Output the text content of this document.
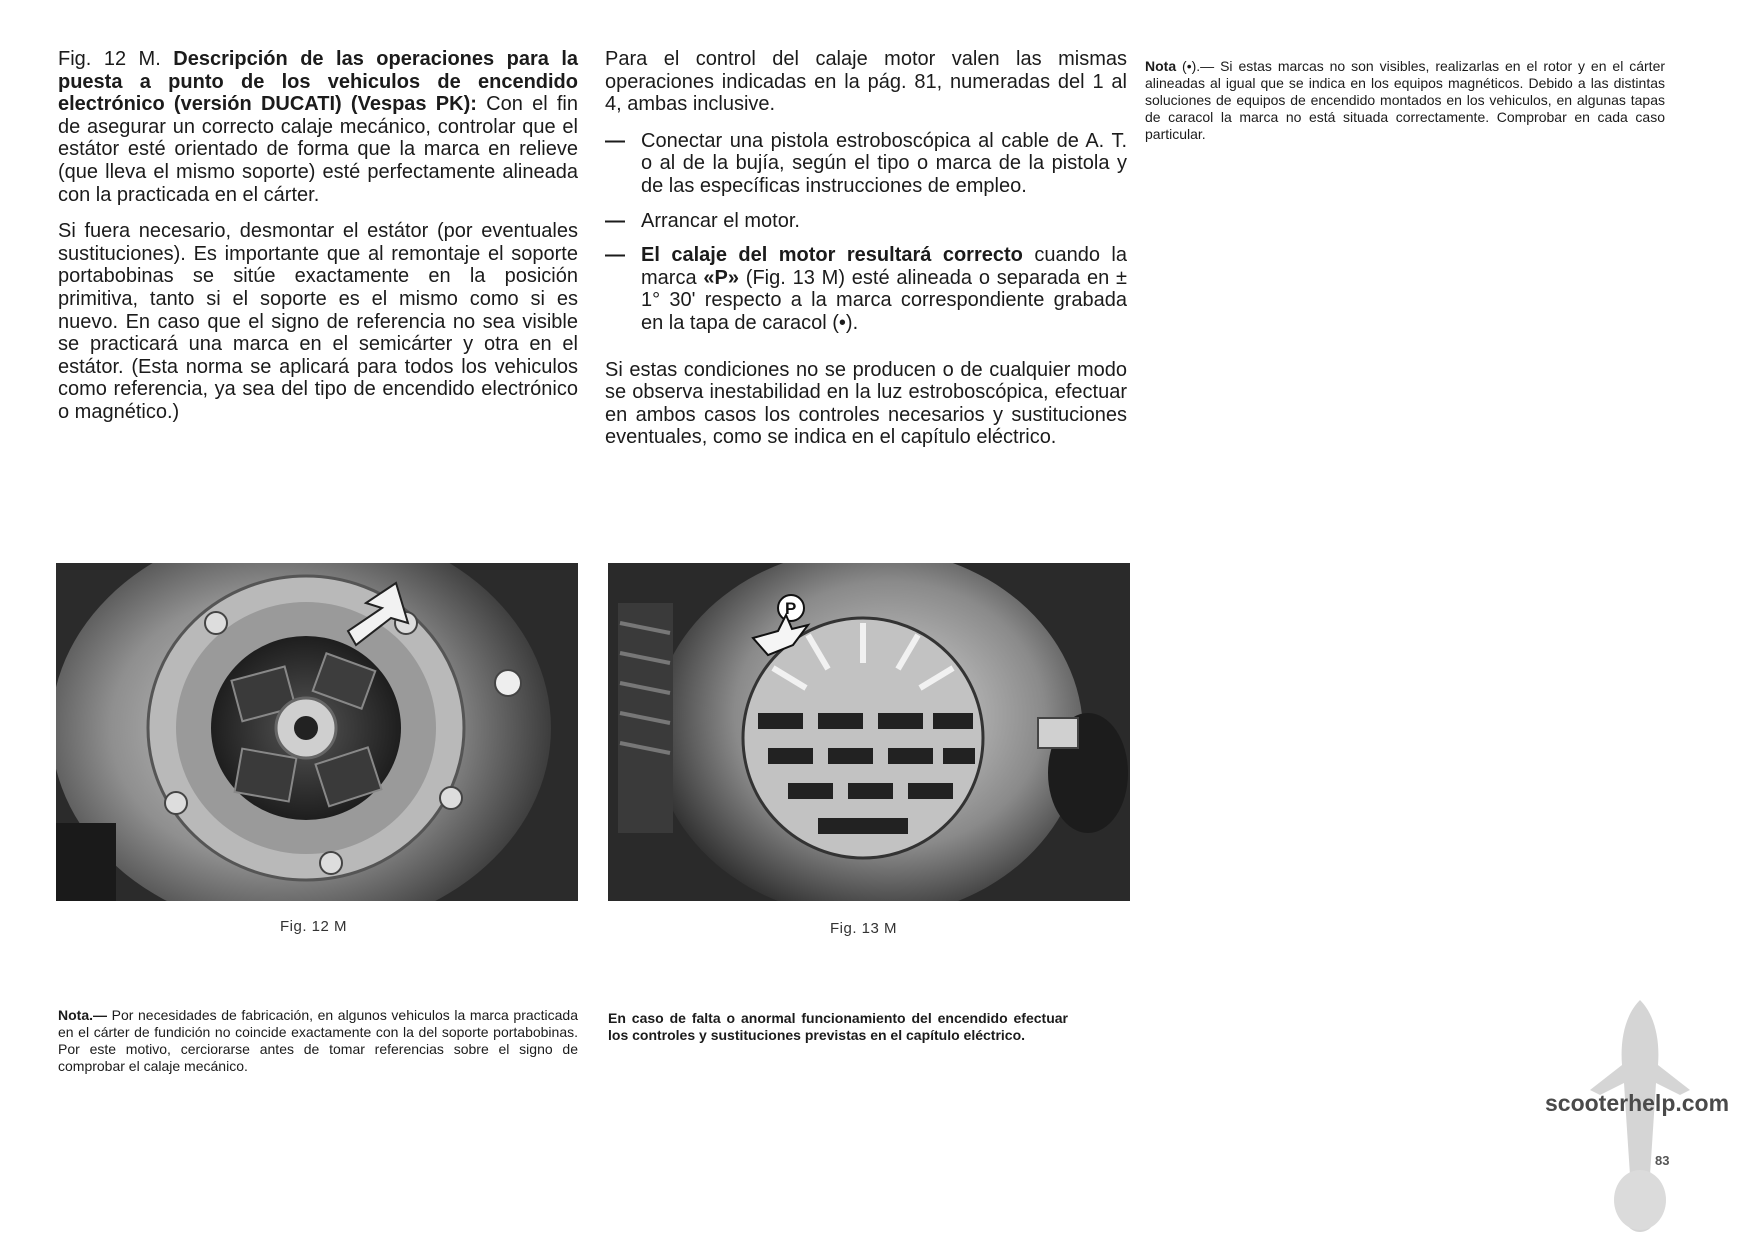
Fig. 12 M. Descripción de las operaciones para la puesta a punto de los vehiculos de encendido electrónico (versión DUCATI) (Vespas PK): Con el fin de asegurar un correcto calaje mecánico, controlar que el estátor esté orientado de forma que la marca en relieve (que lleva el mismo soporte) esté perfectamente alineada con la practicada en el cárter.

Si fuera necesario, desmontar el estátor (por eventuales sustituciones). Es importante que al remontaje el soporte portabobinas se sitúe exactamente en la posición primitiva, tanto si el soporte es el mismo como si es nuevo. En caso que el signo de referencia no sea visible se practicará una marca en el semicárter y otra en el estátor. (Esta norma se aplicará para todos los vehiculos como referencia, ya sea del tipo de encendido electrónico o magnético.)

Para el control del calaje motor valen las mismas operaciones indicadas en la pág. 81, numeradas del 1 al 4, ambas inclusive.

— Conectar una pistola estroboscópica al cable de A. T. o al de la bujía, según el tipo o marca de la pistola y de las específicas instrucciones de empleo.
— Arrancar el motor.
— El calaje del motor resultará correcto cuando la marca «P» (Fig. 13 M) esté alineada o separada en ± 1° 30' respecto a la marca correspondiente grabada en la tapa de caracol (•).

Si estas condiciones no se producen o de cualquier modo se observa inestabilidad en la luz estroboscópica, efectuar en ambos casos los controles necesarios y sustituciones eventuales, como se indica en el capítulo eléctrico.

Nota (•).— Si estas marcas no son visibles, realizarlas en el rotor y en el cárter alineadas al igual que se indica en los equipos magnéticos. Debido a las distintas soluciones de equipos de encendido montados en los vehiculos, en algunas tapas de caracol la marca no está situada correctamente. Comprobar en cada caso particular.
P
Fig. 12 M	Fig. 13 M
Nota.— Por necesidades de fabricación, en algunos vehiculos la marca practicada en el cárter de fundición no coincide exactamente con la del soporte portabobinas. Por este motivo, cerciorarse antes de tomar referencias sobre el signo de comprobar el calaje mecánico.
En caso de falta o anormal funcionamiento del encendido efectuar los controles y sustituciones previstas en el capítulo eléctrico.
scooterhelp.com
83
